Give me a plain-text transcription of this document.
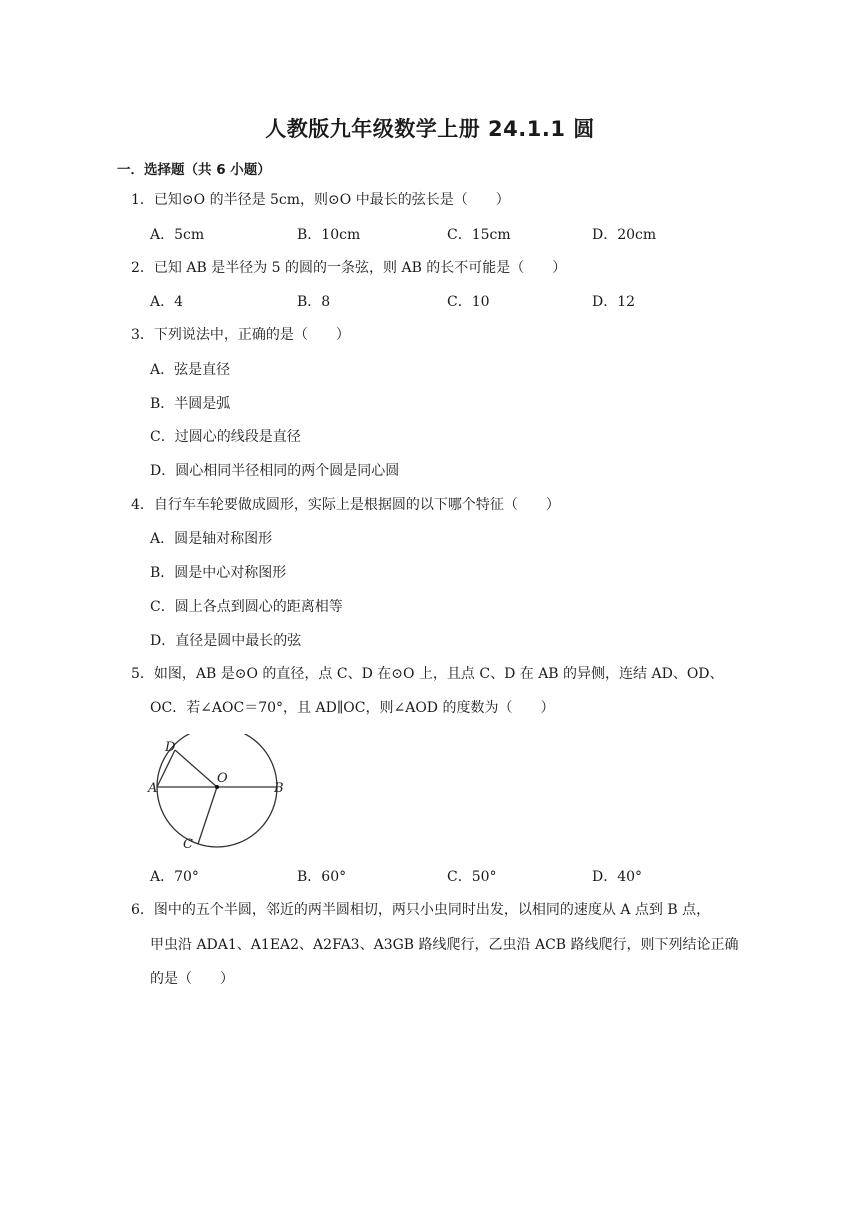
人教版九年级数学上册 24.1.1 圆
一．选择题（共 6 小题）
1．已知⊙O 的半径是 5cm，则⊙O 中最长的弦长是（　　）
A．5cm	B．10cm	C．15cm	D．20cm
2．已知 AB 是半径为 5 的圆的一条弦，则 AB 的长不可能是（　　）
A．4	B．8	C．10	D．12
3．下列说法中，正确的是（　　）
A．弦是直径
B．半圆是弧
C．过圆心的线段是直径
D．圆心相同半径相同的两个圆是同心圆
4．自行车车轮要做成圆形，实际上是根据圆的以下哪个特征（　　）
A．圆是轴对称图形
B．圆是中心对称图形
C．圆上各点到圆心的距离相等
D．直径是圆中最长的弦
5．如图，AB 是⊙O 的直径，点 C、D 在⊙O 上，且点 C、D 在 AB 的异侧，连结 AD、OD、
OC．若∠AOC＝70°，且 AD∥OC，则∠AOD 的度数为（　　）
D
O
A	B
C
A．70°	B．60°	C．50°	D．40°
6．图中的五个半圆，邻近的两半圆相切，两只小虫同时出发，以相同的速度从 A 点到 B 点，
甲虫沿 ADA1、A1EA2、A2FA3、A3GB 路线爬行，乙虫沿 ACB 路线爬行，则下列结论正确
的是（　　）
